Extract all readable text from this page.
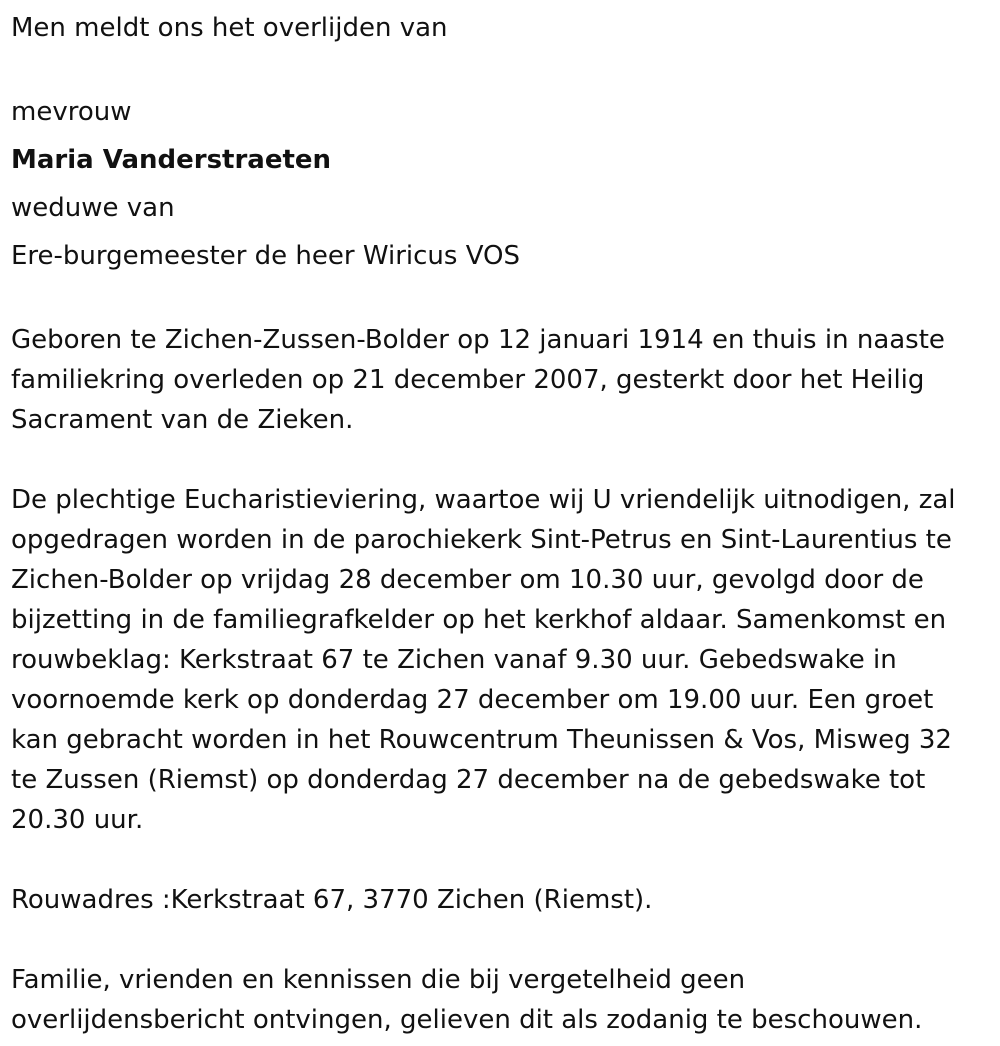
Men meldt ons het overlijden van

mevrouw

Maria Vanderstraeten

weduwe van

Ere-burgemeester de heer Wiricus VOS

Geboren te Zichen-Zussen-Bolder op 12 januari 1914 en thuis in naaste

familiekring overleden op 21 december 2007, gesterkt door het Heilig

Sacrament van de Zieken.

De plechtige Eucharistieviering, waartoe wij U vriendelijk uitnodigen, zal

opgedragen worden in de parochiekerk Sint-Petrus en Sint-Laurentius te

Zichen-Bolder op vrijdag 28 december om 10.30 uur, gevolgd door de

bijzetting in de familiegrafkelder op het kerkhof aldaar. Samenkomst en

rouwbeklag: Kerkstraat 67 te Zichen vanaf 9.30 uur. Gebedswake in

voornoemde kerk op donderdag 27 december om 19.00 uur. Een groet

kan gebracht worden in het Rouwcentrum Theunissen & Vos, Misweg 32

te Zussen (Riemst) op donderdag 27 december na de gebedswake tot

20.30 uur.

Rouwadres :Kerkstraat 67, 3770 Zichen (Riemst).

Familie, vrienden en kennissen die bij vergetelheid geen

overlijdensbericht ontvingen, gelieven dit als zodanig te beschouwen.
